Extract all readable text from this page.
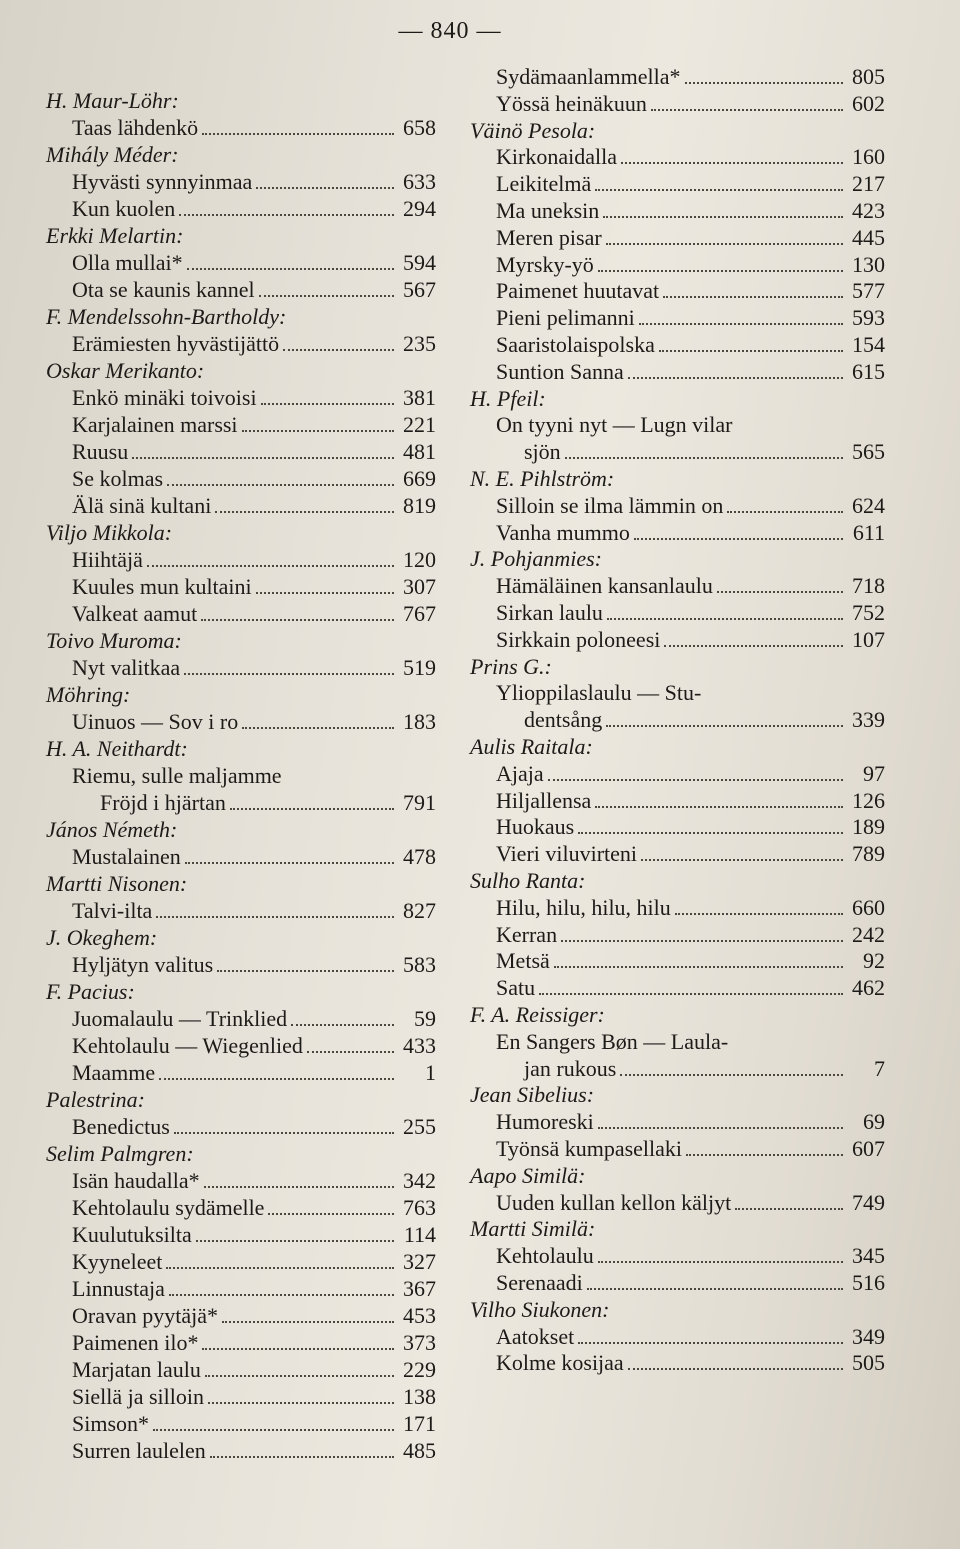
— 840 —
H. Maur-Löhr:
Taas lähdenkö	658
Mihály Méder:
Hyvästi synnyinmaa	633
Kun kuolen	294
Erkki Melartin:
Olla mullai*	594
Ota se kaunis kannel	567
F. Mendelssohn-Bartholdy:
Erämiesten hyvästijättö	235
Oskar Merikanto:
Enkö minäki toivoisi	381
Karjalainen marssi	221
Ruusu	481
Se kolmas	669
Älä sinä kultani	819
Viljo Mikkola:
Hiihtäjä	120
Kuules mun kultaini	307
Valkeat aamut	767
Toivo Muroma:
Nyt valitkaa	519
Möhring:
Uinuos — Sov i ro	183
H. A. Neithardt:
Riemu, sulle maljamme
Fröjd i hjärtan	791
János Németh:
Mustalainen	478
Martti Nisonen:
Talvi-ilta	827
J. Okeghem:
Hyljätyn valitus	583
F. Pacius:
Juomalaulu — Trinklied	59
Kehtolaulu — Wiegenlied	433
Maamme	1
Palestrina:
Benedictus	255
Selim Palmgren:
Isän haudalla*	342
Kehtolaulu sydämelle	763
Kuulutuksilta	114
Kyyneleet	327
Linnustaja	367
Oravan pyytäjä*	453
Paimenen ilo*	373
Marjatan laulu	229
Siellä ja silloin	138
Simson*	171
Surren laulelen	485
Sydämaanlammella*	805
Yössä heinäkuun	602
Väinö Pesola:
Kirkonaidalla	160
Leikitelmä	217
Ma uneksin	423
Meren pisar	445
Myrsky-yö	130
Paimenet huutavat	577
Pieni pelimanni	593
Saaristolaispolska	154
Suntion Sanna	615
H. Pfeil:
On tyyni nyt — Lugn vilar
sjön	565
N. E. Pihlström:
Silloin se ilma lämmin on	624
Vanha mummo	611
J. Pohjanmies:
Hämäläinen kansanlaulu	718
Sirkan laulu	752
Sirkkain poloneesi	107
Prins G.:
Ylioppilaslaulu — Stu-
dentsång	339
Aulis Raitala:
Ajaja	97
Hiljallensa	126
Huokaus	189
Vieri viluvirteni	789
Sulho Ranta:
Hilu, hilu, hilu, hilu	660
Kerran	242
Metsä	92
Satu	462
F. A. Reissiger:
En Sangers Bøn — Laula-
jan rukous	7
Jean Sibelius:
Humoreski	69
Työnsä kumpasellaki	607
Aapo Similä:
Uuden kullan kellon käljyt	749
Martti Similä:
Kehtolaulu	345
Serenaadi	516
Vilho Siukonen:
Aatokset	349
Kolme kosijaa	505
